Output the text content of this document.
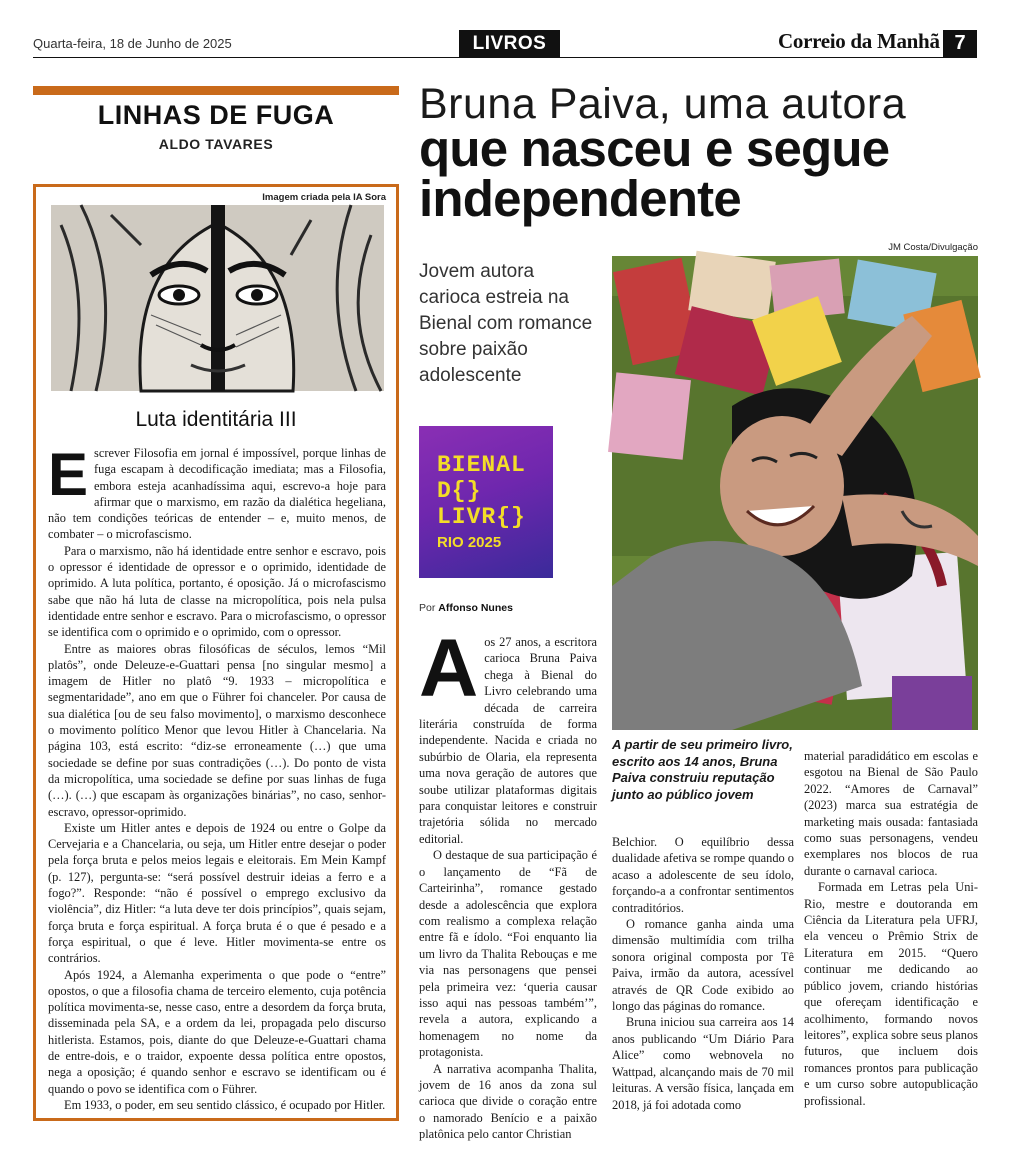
Quarta-feira, 18 de Junho de 2025	LIVROS	Correio da Manhã 7
LINHAS DE FUGA
ALDO TAVARES
Imagem criada pela IA Sora
Luta identitária III

Escrever Filosofia em jornal é impossível, porque linhas de fuga escapam à decodificação imediata; mas a Filosofia, embora esteja acanhadíssima aqui, escrevo-a hoje para afirmar que o marxismo, em razão da dialética hegeliana, não tem condições teóricas de entender – e, muito menos, de combater – o microfascismo.

Para o marxismo, não há identidade entre senhor e escravo, pois o opressor é identidade de opressor e o oprimido, identidade de oprimido. A luta política, portanto, é oposição. Já o microfascismo sabe que não há luta de classe na micropolítica, pois nela pulsa identidade entre senhor e escravo. Para o microfascismo, o opressor se identifica com o oprimido e o oprimido, com o opressor.

Entre as maiores obras filosóficas de séculos, lemos “Mil platôs”, onde Deleuze-e-Guattari pensa [no singular mesmo] a imagem de Hitler no platô “9. 1933 – micropolítica e segmentaridade”, ano em que o Führer foi chanceler. Por causa de sua dialética [ou de seu falso movimento], o marxismo desconhece o movimento político Menor que levou Hitler à Chancelaria. Na página 103, está escrito: “diz-se erroneamente (…) que uma sociedade se define por suas contradições (…). Do ponto de vista da micropolítica, uma sociedade se define por suas linhas de fuga (…). (…) que escapam às organizações binárias”, no caso, senhor-escravo, opressor-oprimido.

Existe um Hitler antes e depois de 1924 ou entre o Golpe da Cervejaria e a Chancelaria, ou seja, um Hitler entre desejar o poder pela força bruta e pelos meios legais e eleitorais. Em Mein Kampf (p. 127), pergunta-se: “será possível destruir ideias a ferro e a fogo?”. Responde: “não é possível o emprego exclusivo da violência”, diz Hitler: “a luta deve ter dois princípios”, quais sejam, força bruta e força espiritual. A força bruta é o que é pesado e a força espiritual, o que é leve. Hitler movimenta-se entre os contrários.

Após 1924, a Alemanha experimenta o que pode o “entre” opostos, o que a filosofia chama de terceiro elemento, cuja potência política movimenta-se, nesse caso, entre a desordem da força bruta, disseminada pela SA, e a ordem da lei, propagada pelo discurso hitlerista. Estamos, pois, diante do que Deleuze-e-Guattari chama de entre-dois, e o traidor, expoente dessa política entre opostos, nega a oposição; é quando senhor e escravo se identificam ou é quando o povo se identifica com o Führer.

Em 1933, o poder, em seu sentido clássico, é ocupado por Hitler.

Bruna Paiva, uma autora
que nasceu e segue independente
JM Costa/Divulgação
Jovem autora carioca estreia na Bienal com romance sobre paixão adolescente
BIENAL
D{}
LIVR{}
RIO 2025
Por Affonso Nunes
A partir de seu primeiro livro, escrito aos 14 anos, Bruna Paiva construiu reputação junto ao público jovem

Aos 27 anos, a escritora carioca Bruna Paiva chega à Bienal do Livro celebrando uma década de carreira literária construída de forma independente. Nacida e criada no subúrbio de Olaria, ela representa uma nova geração de autores que soube utilizar plataformas digitais para conquistar leitores e construir trajetória sólida no mercado editorial.

O destaque de sua participação é o lançamento de “Fã de Carteirinha”, romance gestado desde a adolescência que explora com realismo a complexa relação entre fã e ídolo. “Foi enquanto lia um livro da Thalita Rebouças e me via nas personagens que pensei pela primeira vez: ‘queria causar isso aqui nas pessoas também’”, revela a autora, explicando a homenagem no nome da protagonista.

A narrativa acompanha Thalita, jovem de 16 anos da zona sul carioca que divide o coração entre o namorado Benício e a paixão platônica pelo cantor Christian

Belchior. O equilíbrio dessa dualidade afetiva se rompe quando o acaso a adolescente de seu ídolo, forçando-a a confrontar sentimentos contraditórios.

O romance ganha ainda uma dimensão multimídia com trilha sonora original composta por Tê Paiva, irmão da autora, acessível através de QR Code exibido ao longo das páginas do romance.

Bruna iniciou sua carreira aos 14 anos publicando “Um Diário Para Alice” como webnovela no Wattpad, alcançando mais de 70 mil leituras. A versão física, lançada em 2018, já foi adotada como

material paradidático em escolas e esgotou na Bienal de São Paulo 2022. “Amores de Carnaval” (2023) marca sua estratégia de marketing mais ousada: fantasiada como suas personagens, vendeu exemplares nos blocos de rua durante o carnaval carioca.

Formada em Letras pela Uni-Rio, mestre e doutoranda em Ciência da Literatura pela UFRJ, ela venceu o Prêmio Strix de Literatura em 2015. “Quero continuar me dedicando ao público jovem, criando histórias que ofereçam identificação e acolhimento, formando novos leitores”, explica sobre seus planos futuros, que incluem dois romances prontos para publicação e um curso sobre autopublicação profissional.
